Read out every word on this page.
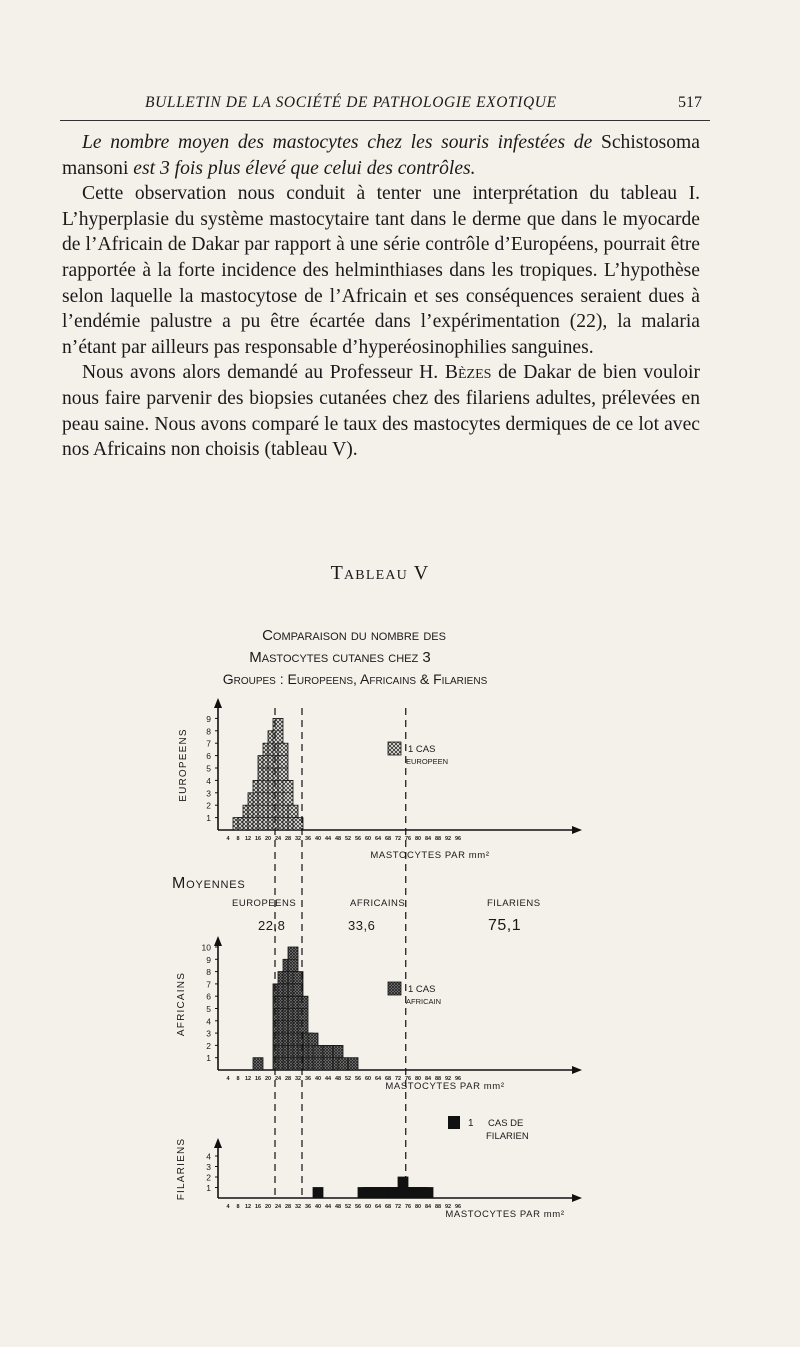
BULLETIN DE LA SOCIÉTÉ DE PATHOLOGIE EXOTIQUE	517

Le nombre moyen des mastocytes chez les souris infestées de Schistosoma mansoni est 3 fois plus élevé que celui des contrôles.

Cette observation nous conduit à tenter une interprétation du tableau I. L’hyperplasie du système mastocytaire tant dans le derme que dans le myocarde de l’Africain de Dakar par rapport à une série contrôle d’Européens, pourrait être rapportée à la forte incidence des helminthiases dans les tropiques. L’hypothèse selon laquelle la mastocytose de l’Africain et ses conséquences seraient dues à l’endémie palustre a pu être écartée dans l’expérimentation (22), la malaria n’étant par ailleurs pas responsable d’hyperéosinophilies sanguines.

Nous avons alors demandé au Professeur H. Bèzes de Dakar de bien vouloir nous faire parvenir des biopsies cutanées chez des filariens adultes, prélevées en peau saine. Nous avons comparé le taux des mastocytes dermiques de ce lot avec nos Africains non choisis (tableau V).

Tableau V
Comparaison du nombre des
Mastocytes cutanes chez 3
Groupes : Europeens, Africains & Filariens
1
2
3
4
5
6
7
8
9
EUROPEENS
4 8 12 16 20 24 28 32 36 40 44 48 52 56 60 64 68 72 76 80 84 88 92 96
MASTOCYTES PAR mm²
1 CAS
EUROPEEN
1
2
3
4
5
6
7
8
9
10
AFRICAINS
4 8 12 16 20 24 28 32 36 40 44 48 52 56 60 64 68 72 76 80 84 88 92 96
MASTOCYTES PAR mm²
1 CAS
AFRICAIN
1
2
3
4
FILARIENS
4 8 12 16 20 24 28 32 36 40 44 48 52 56 60 64 68 72 76 80 84 88 92 96
MASTOCYTES PAR mm²
1 CAS DE
FILARIEN
Moyennes
EUROPEENS
22,8
AFRICAINS
33,6
FILARIENS
75,1
